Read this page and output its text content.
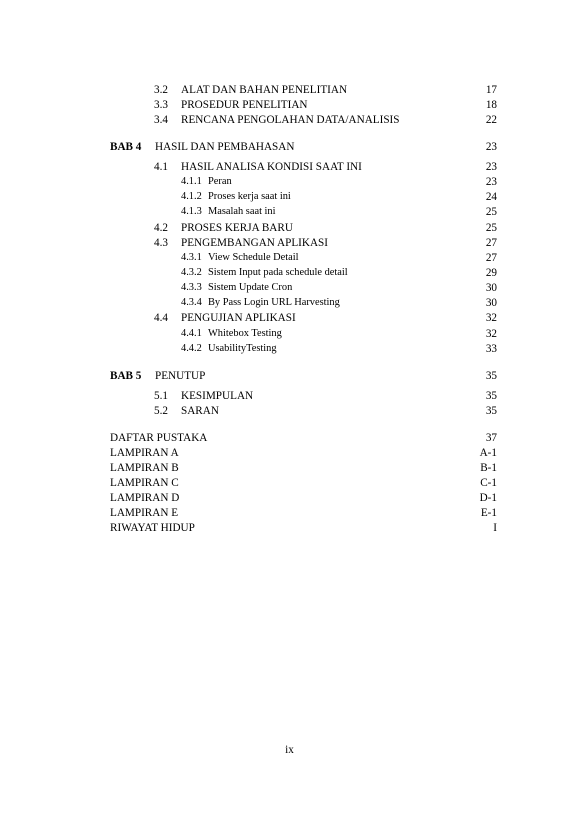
3.2 ALAT DAN BAHAN PENELITIAN	17
3.3 PROSEDUR PENELITIAN	18
3.4 RENCANA PENGOLAHAN DATA/ANALISIS	22
BAB 4 HASIL DAN PEMBAHASAN	23
4.1 HASIL ANALISA KONDISI SAAT INI	23
4.1.1 Peran	23
4.1.2 Proses kerja saat ini	24
4.1.3 Masalah saat ini	25
4.2 PROSES KERJA BARU	25
4.3 PENGEMBANGAN APLIKASI	27
4.3.1 View Schedule Detail	27
4.3.2 Sistem Input pada schedule detail	29
4.3.3 Sistem Update Cron	30
4.3.4 By Pass Login URL Harvesting	30
4.4 PENGUJIAN APLIKASI	32
4.4.1 Whitebox Testing	32
4.4.2 UsabilityTesting	33
BAB 5 PENUTUP	35
5.1 KESIMPULAN	35
5.2 SARAN	35
DAFTAR PUSTAKA	37
LAMPIRAN A	A-1
LAMPIRAN B	B-1
LAMPIRAN C	C-1
LAMPIRAN D	D-1
LAMPIRAN E	E-1
RIWAYAT HIDUP	I
ix
